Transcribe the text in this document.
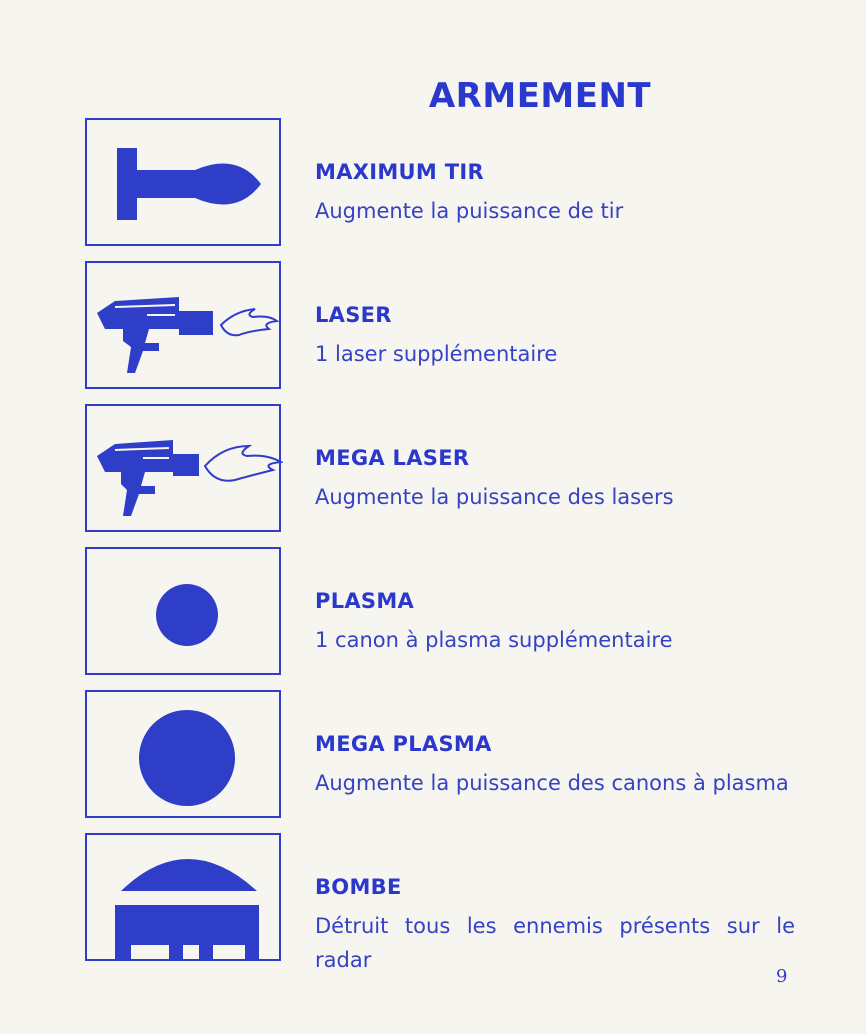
ARMEMENT
MAXIMUM TIR
Augmente la puissance de tir
LASER
1 laser supplémentaire
MEGA LASER
Augmente la puissance des lasers
PLASMA
1 canon à plasma supplémentaire
MEGA PLASMA
Augmente la puissance des canons à plasma
BOMBE
Détruit tous les ennemis présents sur le radar
9
